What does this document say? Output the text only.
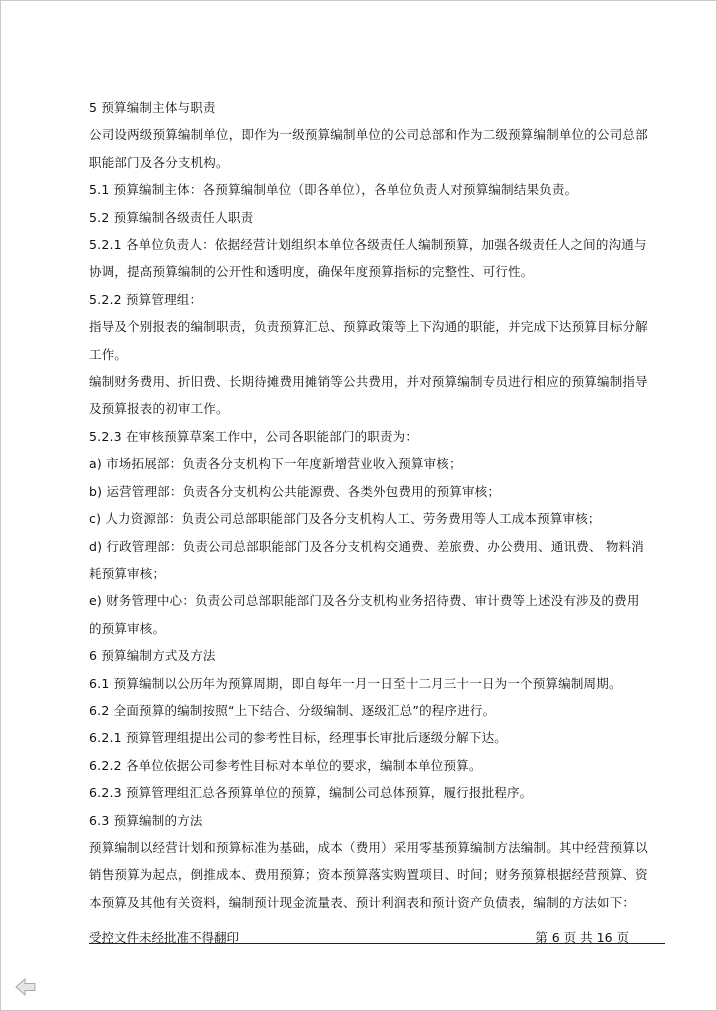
5 预算编制主体与职责

公司设两级预算编制单位，即作为一级预算编制单位的公司总部和作为二级预算编制单位的公司总部职能部门及各分支机构。

5.1 预算编制主体：各预算编制单位（即各单位），各单位负责人对预算编制结果负责。

5.2 预算编制各级责任人职责

5.2.1 各单位负责人：依据经营计划组织本单位各级责任人编制预算，加强各级责任人之间的沟通与协调，提高预算编制的公开性和透明度，确保年度预算指标的完整性、可行性。

5.2.2 预算管理组：

指导及个别报表的编制职责，负责预算汇总、预算政策等上下沟通的职能，并完成下达预算目标分解工作。

编制财务费用、折旧费、长期待摊费用摊销等公共费用，并对预算编制专员进行相应的预算编制指导及预算报表的初审工作。

5.2.3 在审核预算草案工作中，公司各职能部门的职责为：

a) 市场拓展部：负责各分支机构下一年度新增营业收入预算审核；

b) 运营管理部：负责各分支机构公共能源费、各类外包费用的预算审核；

c) 人力资源部：负责公司总部职能部门及各分支机构人工、劳务费用等人工成本预算审核；

d) 行政管理部：负责公司总部职能部门及各分支机构交通费、差旅费、办公费用、通讯费、 物料消耗预算审核；

e) 财务管理中心：负责公司总部职能部门及各分支机构业务招待费、审计费等上述没有涉及的费用的预算审核。

6 预算编制方式及方法

6.1 预算编制以公历年为预算周期，即自每年一月一日至十二月三十一日为一个预算编制周期。

6.2 全面预算的编制按照“上下结合、分级编制、逐级汇总”的程序进行。

6.2.1 预算管理组提出公司的参考性目标，经理事长审批后逐级分解下达。

6.2.2 各单位依据公司参考性目标对本单位的要求，编制本单位预算。

6.2.3 预算管理组汇总各预算单位的预算，编制公司总体预算，履行报批程序。

6.3 预算编制的方法

预算编制以经营计划和预算标准为基础，成本（费用）采用零基预算编制方法编制。其中经营预算以销售预算为起点，倒推成本、费用预算；资本预算落实购置项目、时间；财务预算根据经营预算、资本预算及其他有关资料，编制预计现金流量表、预计利润表和预计资产负债表，编制的方法如下：

受控文件未经批准不得翻印	第 6 页 共 16 页
